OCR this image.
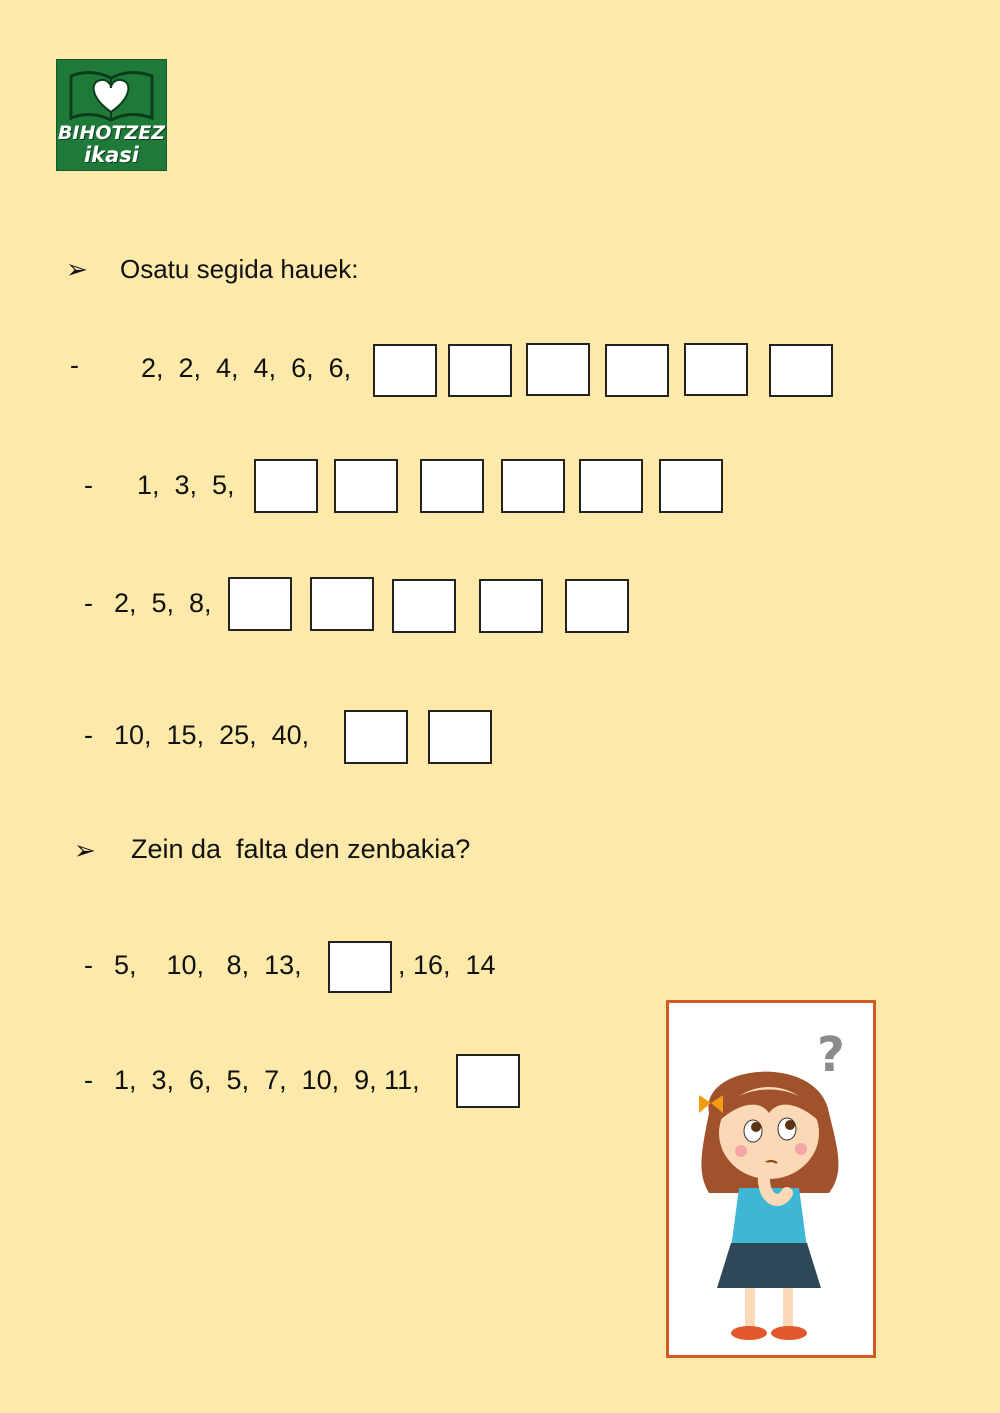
BIHOTZEZ
ikasi
➢ Osatu segida hauek:
- 2,  2,  4,  4,  6,  6,
- 1,  3,  5,
- 2,  5,  8,
- 10,  15,  25,  40,
➢ Zein da  falta den zenbakia?
- 5,    10,   8,  13,	, 16,  14
- 1,  3,  6,  5,  7,  10,  9, 11,	?
